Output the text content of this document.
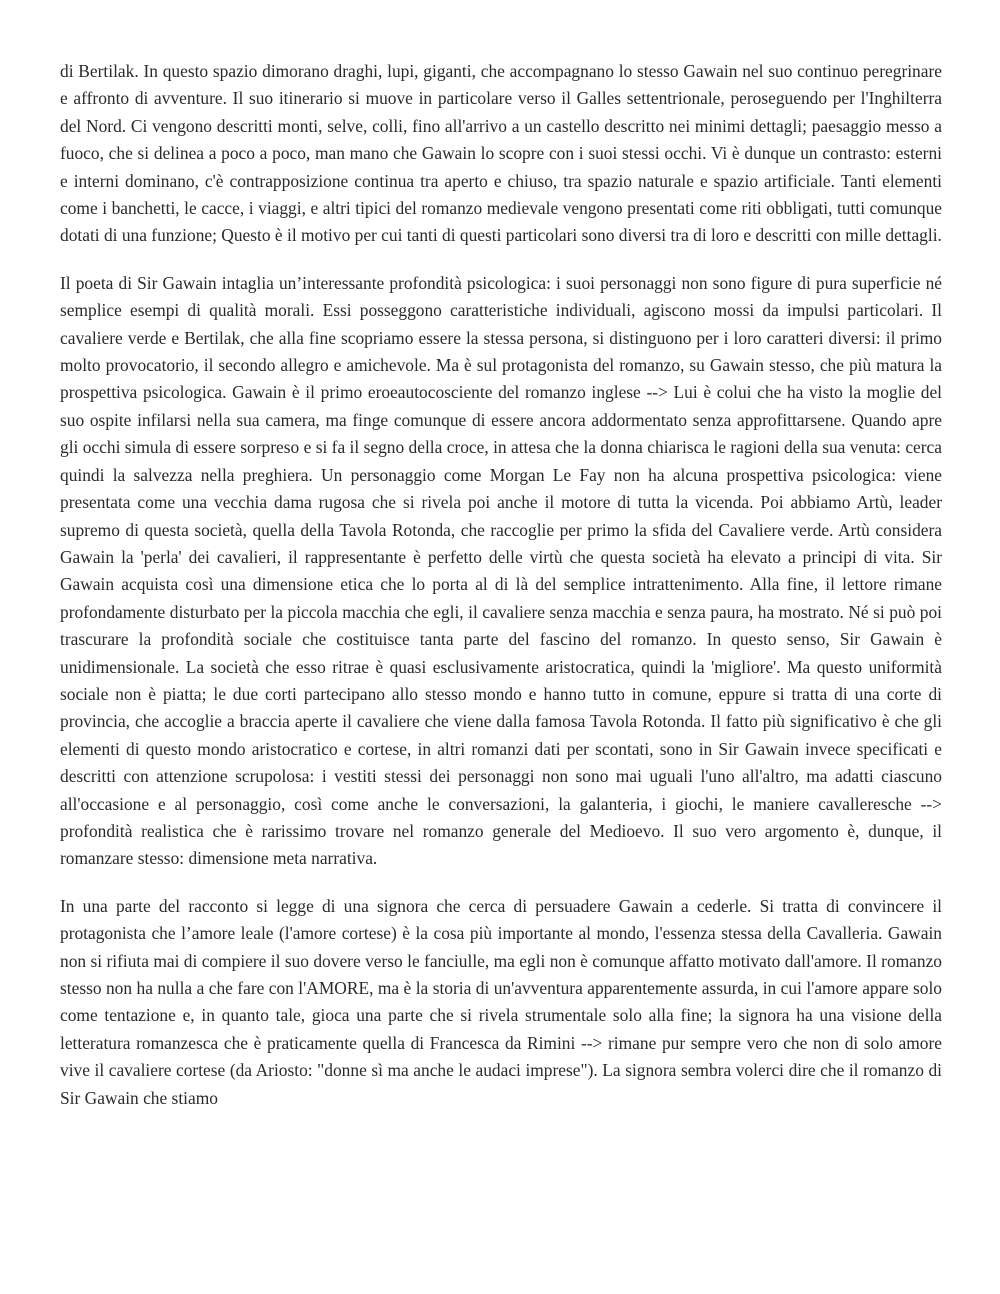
di Bertilak. In questo spazio dimorano draghi, lupi, giganti, che accompagnano lo stesso Gawain nel suo continuo peregrinare e affronto di avventure. Il suo itinerario si muove in particolare verso il Galles settentrionale, peroseguendo per l'Inghilterra del Nord. Ci vengono descritti monti, selve, colli, fino all'arrivo a un castello descritto nei minimi dettagli; paesaggio messo a fuoco, che si delinea a poco a poco, man mano che Gawain lo scopre con i suoi stessi occhi. Vi è dunque un contrasto: esterni e interni dominano, c'è contrapposizione continua tra aperto e chiuso, tra spazio naturale e spazio artificiale. Tanti elementi come i banchetti, le cacce, i viaggi, e altri tipici del romanzo medievale vengono presentati come riti obbligati, tutti comunque dotati di una funzione; Questo è il motivo per cui tanti di questi particolari sono diversi tra di loro e descritti con mille dettagli.

Il poeta di Sir Gawain intaglia un’interessante profondità psicologica: i suoi personaggi non sono figure di pura superficie né semplice esempi di qualità morali. Essi posseggono caratteristiche individuali, agiscono mossi da impulsi particolari. Il cavaliere verde e Bertilak, che alla fine scopriamo essere la stessa persona, si distinguono per i loro caratteri diversi: il primo molto provocatorio, il secondo allegro e amichevole. Ma è sul protagonista del romanzo, su Gawain stesso, che più matura la prospettiva psicologica. Gawain è il primo eroeautocosciente del romanzo inglese --> Lui è colui che ha visto la moglie del suo ospite infilarsi nella sua camera, ma finge comunque di essere ancora addormentato senza approfittarsene. Quando apre gli occhi simula di essere sorpreso e si fa il segno della croce, in attesa che la donna chiarisca le ragioni della sua venuta: cerca quindi la salvezza nella preghiera. Un personaggio come Morgan Le Fay non ha alcuna prospettiva psicologica: viene presentata come una vecchia dama rugosa che si rivela poi anche il motore di tutta la vicenda. Poi abbiamo Artù, leader supremo di questa società, quella della Tavola Rotonda, che raccoglie per primo la sfida del Cavaliere verde. Artù considera Gawain la 'perla' dei cavalieri, il rappresentante è perfetto delle virtù che questa società ha elevato a principi di vita. Sir Gawain acquista così una dimensione etica che lo porta al di là del semplice intrattenimento. Alla fine, il lettore rimane profondamente disturbato per la piccola macchia che egli, il cavaliere senza macchia e senza paura, ha mostrato. Né si può poi trascurare la profondità sociale che costituisce tanta parte del fascino del romanzo. In questo senso, Sir Gawain è unidimensionale. La società che esso ritrae è quasi esclusivamente aristocratica, quindi la 'migliore'. Ma questo uniformità sociale non è piatta; le due corti partecipano allo stesso mondo e hanno tutto in comune, eppure si tratta di una corte di provincia, che accoglie a braccia aperte il cavaliere che viene dalla famosa Tavola Rotonda. Il fatto più significativo è che gli elementi di questo mondo aristocratico e cortese, in altri romanzi dati per scontati, sono in Sir Gawain invece specificati e descritti con attenzione scrupolosa: i vestiti stessi dei personaggi non sono mai uguali l'uno all'altro, ma adatti ciascuno all'occasione e al personaggio, così come anche le conversazioni, la galanteria, i giochi, le maniere cavalleresche --> profondità realistica che è rarissimo trovare nel romanzo generale del Medioevo. Il suo vero argomento è, dunque, il romanzare stesso: dimensione meta narrativa.

In una parte del racconto si legge di una signora che cerca di persuadere Gawain a cederle. Si tratta di convincere il protagonista che l’amore leale (l'amore cortese) è la cosa più importante al mondo, l'essenza stessa della Cavalleria. Gawain non si rifiuta mai di compiere il suo dovere verso le fanciulle, ma egli non è comunque affatto motivato dall'amore. Il romanzo stesso non ha nulla a che fare con l'AMORE, ma è la storia di un'avventura apparentemente assurda, in cui l'amore appare solo come tentazione e, in quanto tale, gioca una parte che si rivela strumentale solo alla fine; la signora ha una visione della letteratura romanzesca che è praticamente quella di Francesca da Rimini --> rimane pur sempre vero che non di solo amore vive il cavaliere cortese (da Ariosto: "donne sì ma anche le audaci imprese"). La signora sembra volerci dire che il romanzo di Sir Gawain che stiamo
